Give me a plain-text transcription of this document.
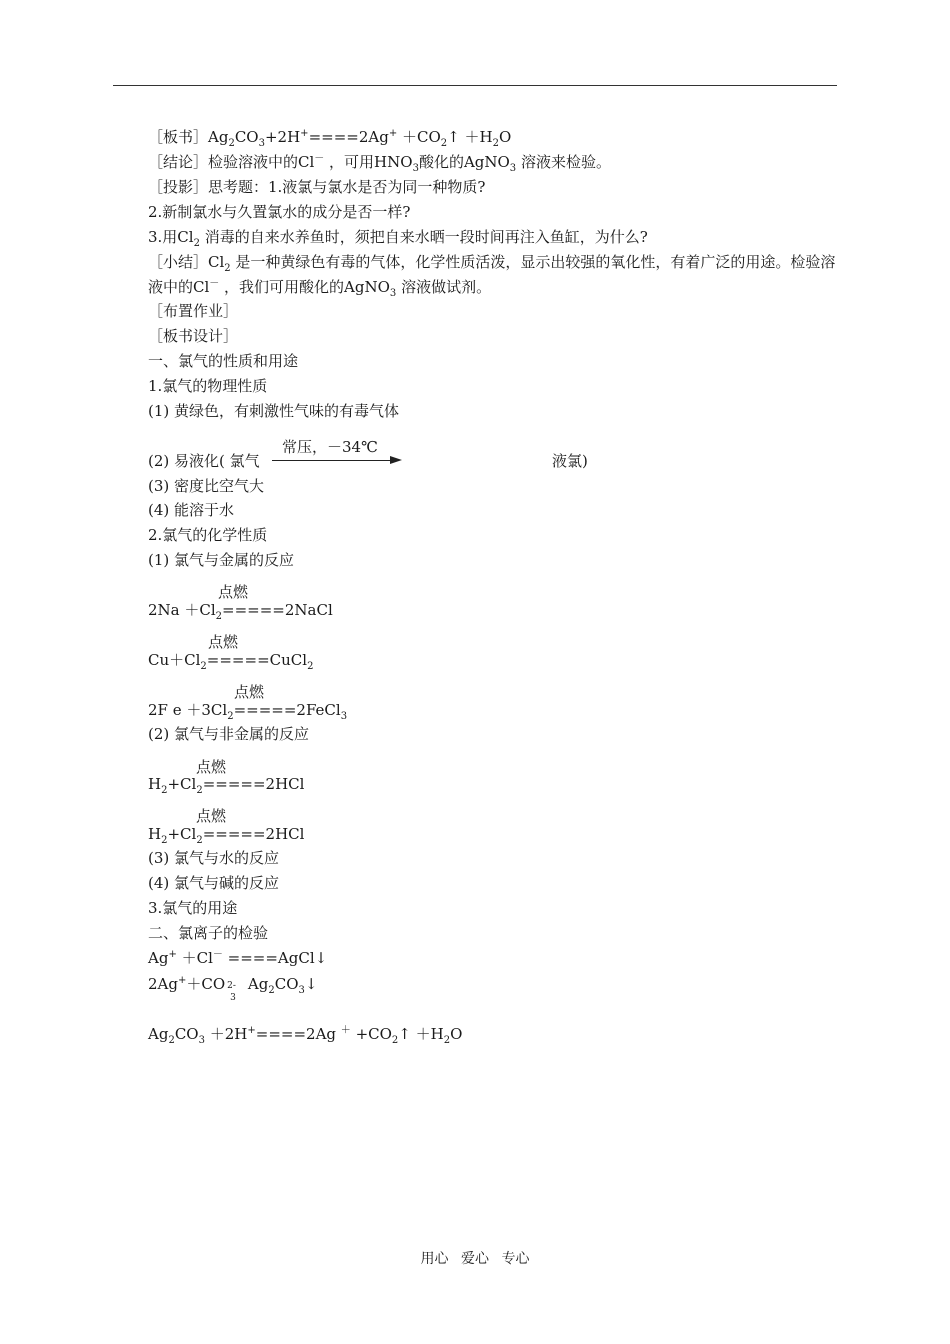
［板书$]Ag_2CO_3+2H^+====2Ag^+$ $+CO_2↑ +H_2O$
［结论］检验溶液中的Cl－ ，可用$HNO_3$酸化的AgNO$_3$ 溶液来检验。
［投影］思考题：1.液氯与氯水是否为同一种物质?
2.新制氯水与久置氯水的成分是否一样?
3.用$Cl_2$ 消毒的自来水养鱼时，须把自来水晒一段时间再注入鱼缸，为什么?
［小结$]Cl_2$ 是一种黄绿色有毒的气体，化学性质活泼，显示出较强的氧化性，有着广泛的用途。检验溶液中的Cl－ ，我们可用酸化的AgNO$_3$ 溶液做试剂。
［布置作业］
［板书设计］
一、氯气的性质和用途
1.氯气的物理性质
(1) 黄绿色，有刺激性气味的有毒气体
常压，－34℃
(2) 易液化( 氯气	液氯)
(3) 密度比空气大
(4) 能溶于水
2.氯气的化学性质
(1) 氯气与金属的反应
点燃
$2Na +Cl_2=====2NaCl$
点燃
$Cu+Cl_2=====CuCl_2$
点燃
2F $e +3Cl_2=====2FeCl_3$
(2) 氯气与非金属的反应
点燃
$H_2+Cl_2=====2HCl$
点燃
$H_2+Cl_2=====2HCl$
(3) 氯气与水的反应
(4) 氯气与碱的反应
3.氯气的用途
二、氯离子的检验
Ag+ ＋Cl－ ====AgCl↓
2Ag+＋CO 2-
3
$Ag_2CO_3↓$
$Ag_2CO_3 +2H^+====2Ag$ $^+ +CO_2↑ +H_2O$
用心 爱心 专心
